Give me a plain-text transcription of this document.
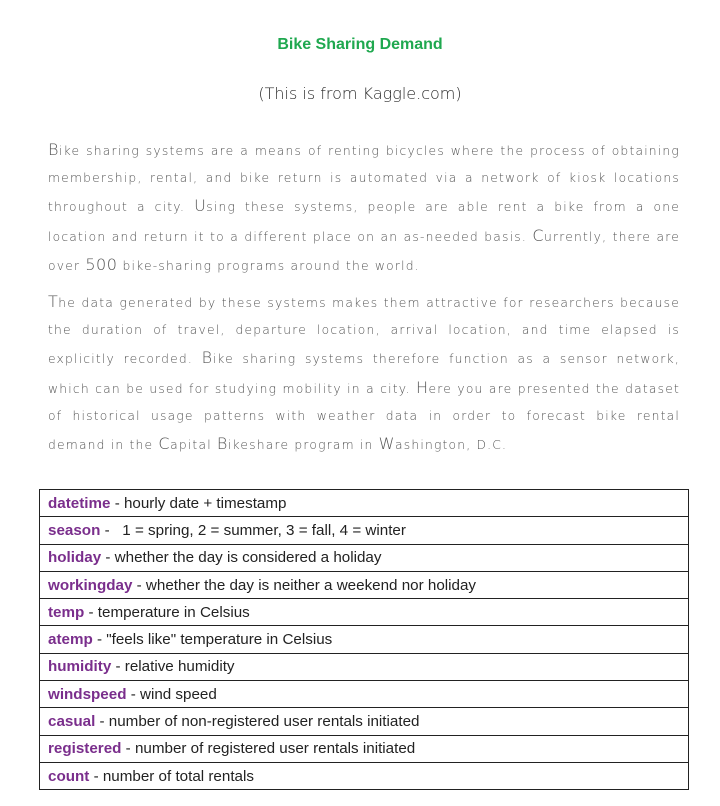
Bike Sharing Demand
(This is from Kaggle.com)
Bike sharing systems are a means of renting bicycles where the process of obtaining membership, rental, and bike return is automated via a network of kiosk locations throughout a city. Using these systems, people are able rent a bike from a one location and return it to a different place on an as-needed basis. Currently, there are over 500 bike-sharing programs around the world.
The data generated by these systems makes them attractive for researchers because the duration of travel, departure location, arrival location, and time elapsed is explicitly recorded. Bike sharing systems therefore function as a sensor network, which can be used for studying mobility in a city. Here you are presented the dataset of historical usage patterns with weather data in order to forecast bike rental demand in the Capital Bikeshare program in Washington, D.C.
datetime - hourly date + timestamp
season -   1 = spring, 2 = summer, 3 = fall, 4 = winter
holiday - whether the day is considered a holiday
workingday - whether the day is neither a weekend nor holiday
temp - temperature in Celsius
atemp - "feels like" temperature in Celsius
humidity - relative humidity
windspeed - wind speed
casual - number of non-registered user rentals initiated
registered - number of registered user rentals initiated
count - number of total rentals
